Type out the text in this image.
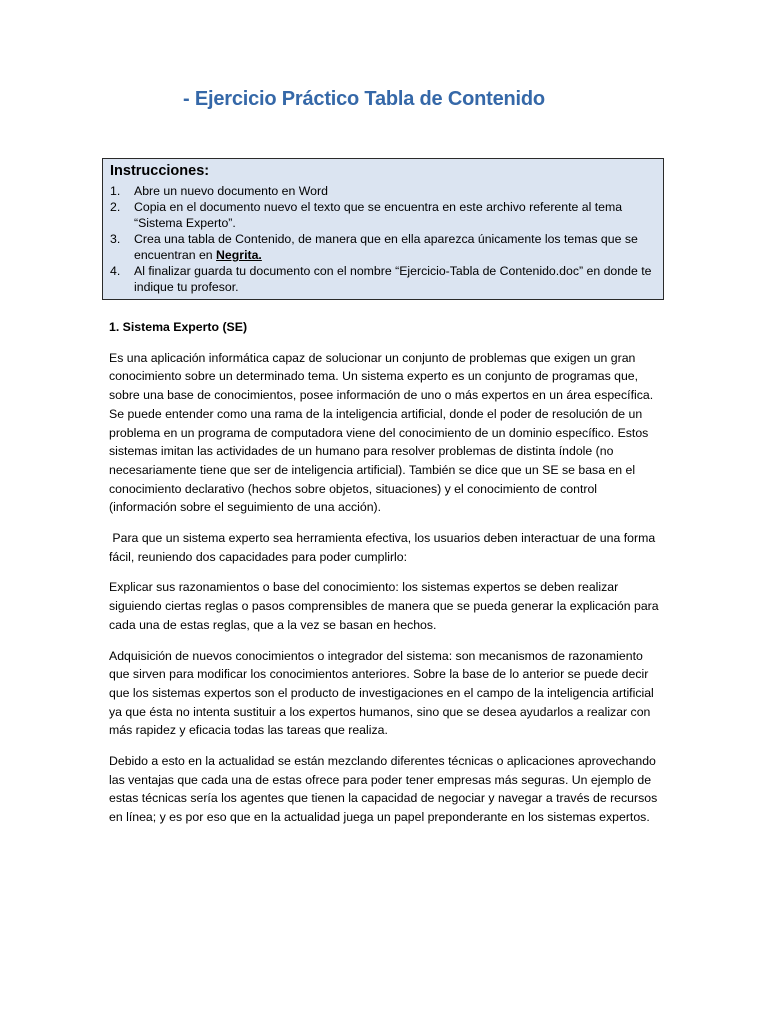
- Ejercicio Práctico Tabla de Contenido
Instrucciones:
1. Abre un nuevo documento en Word
2. Copia en el documento nuevo el texto que se encuentra en este archivo referente al tema “Sistema Experto”.
3. Crea una tabla de Contenido, de manera que en ella aparezca únicamente los temas que se encuentran en Negrita.
4. Al finalizar guarda tu documento con el nombre “Ejercicio-Tabla de Contenido.doc” en donde te indique tu profesor.

1. Sistema Experto (SE)

Es una aplicación informática capaz de solucionar un conjunto de problemas que exigen un gran conocimiento sobre un determinado tema. Un sistema experto es un conjunto de programas que, sobre una base de conocimientos, posee información de uno o más expertos en un área específica. Se puede entender como una rama de la inteligencia artificial, donde el poder de resolución de un problema en un programa de computadora viene del conocimiento de un dominio específico. Estos sistemas imitan las actividades de un humano para resolver problemas de distinta índole (no necesariamente tiene que ser de inteligencia artificial). También se dice que un SE se basa en el conocimiento declarativo (hechos sobre objetos, situaciones) y el conocimiento de control (información sobre el seguimiento de una acción).

Para que un sistema experto sea herramienta efectiva, los usuarios deben interactuar de una forma fácil, reuniendo dos capacidades para poder cumplirlo:

Explicar sus razonamientos o base del conocimiento: los sistemas expertos se deben realizar siguiendo ciertas reglas o pasos comprensibles de manera que se pueda generar la explicación para cada una de estas reglas, que a la vez se basan en hechos.

Adquisición de nuevos conocimientos o integrador del sistema: son mecanismos de razonamiento que sirven para modificar los conocimientos anteriores. Sobre la base de lo anterior se puede decir que los sistemas expertos son el producto de investigaciones en el campo de la inteligencia artificial ya que ésta no intenta sustituir a los expertos humanos, sino que se desea ayudarlos a realizar con más rapidez y eficacia todas las tareas que realiza.

Debido a esto en la actualidad se están mezclando diferentes técnicas o aplicaciones aprovechando las ventajas que cada una de estas ofrece para poder tener empresas más seguras. Un ejemplo de estas técnicas sería los agentes que tienen la capacidad de negociar y navegar a través de recursos en línea; y es por eso que en la actualidad juega un papel preponderante en los sistemas expertos.
